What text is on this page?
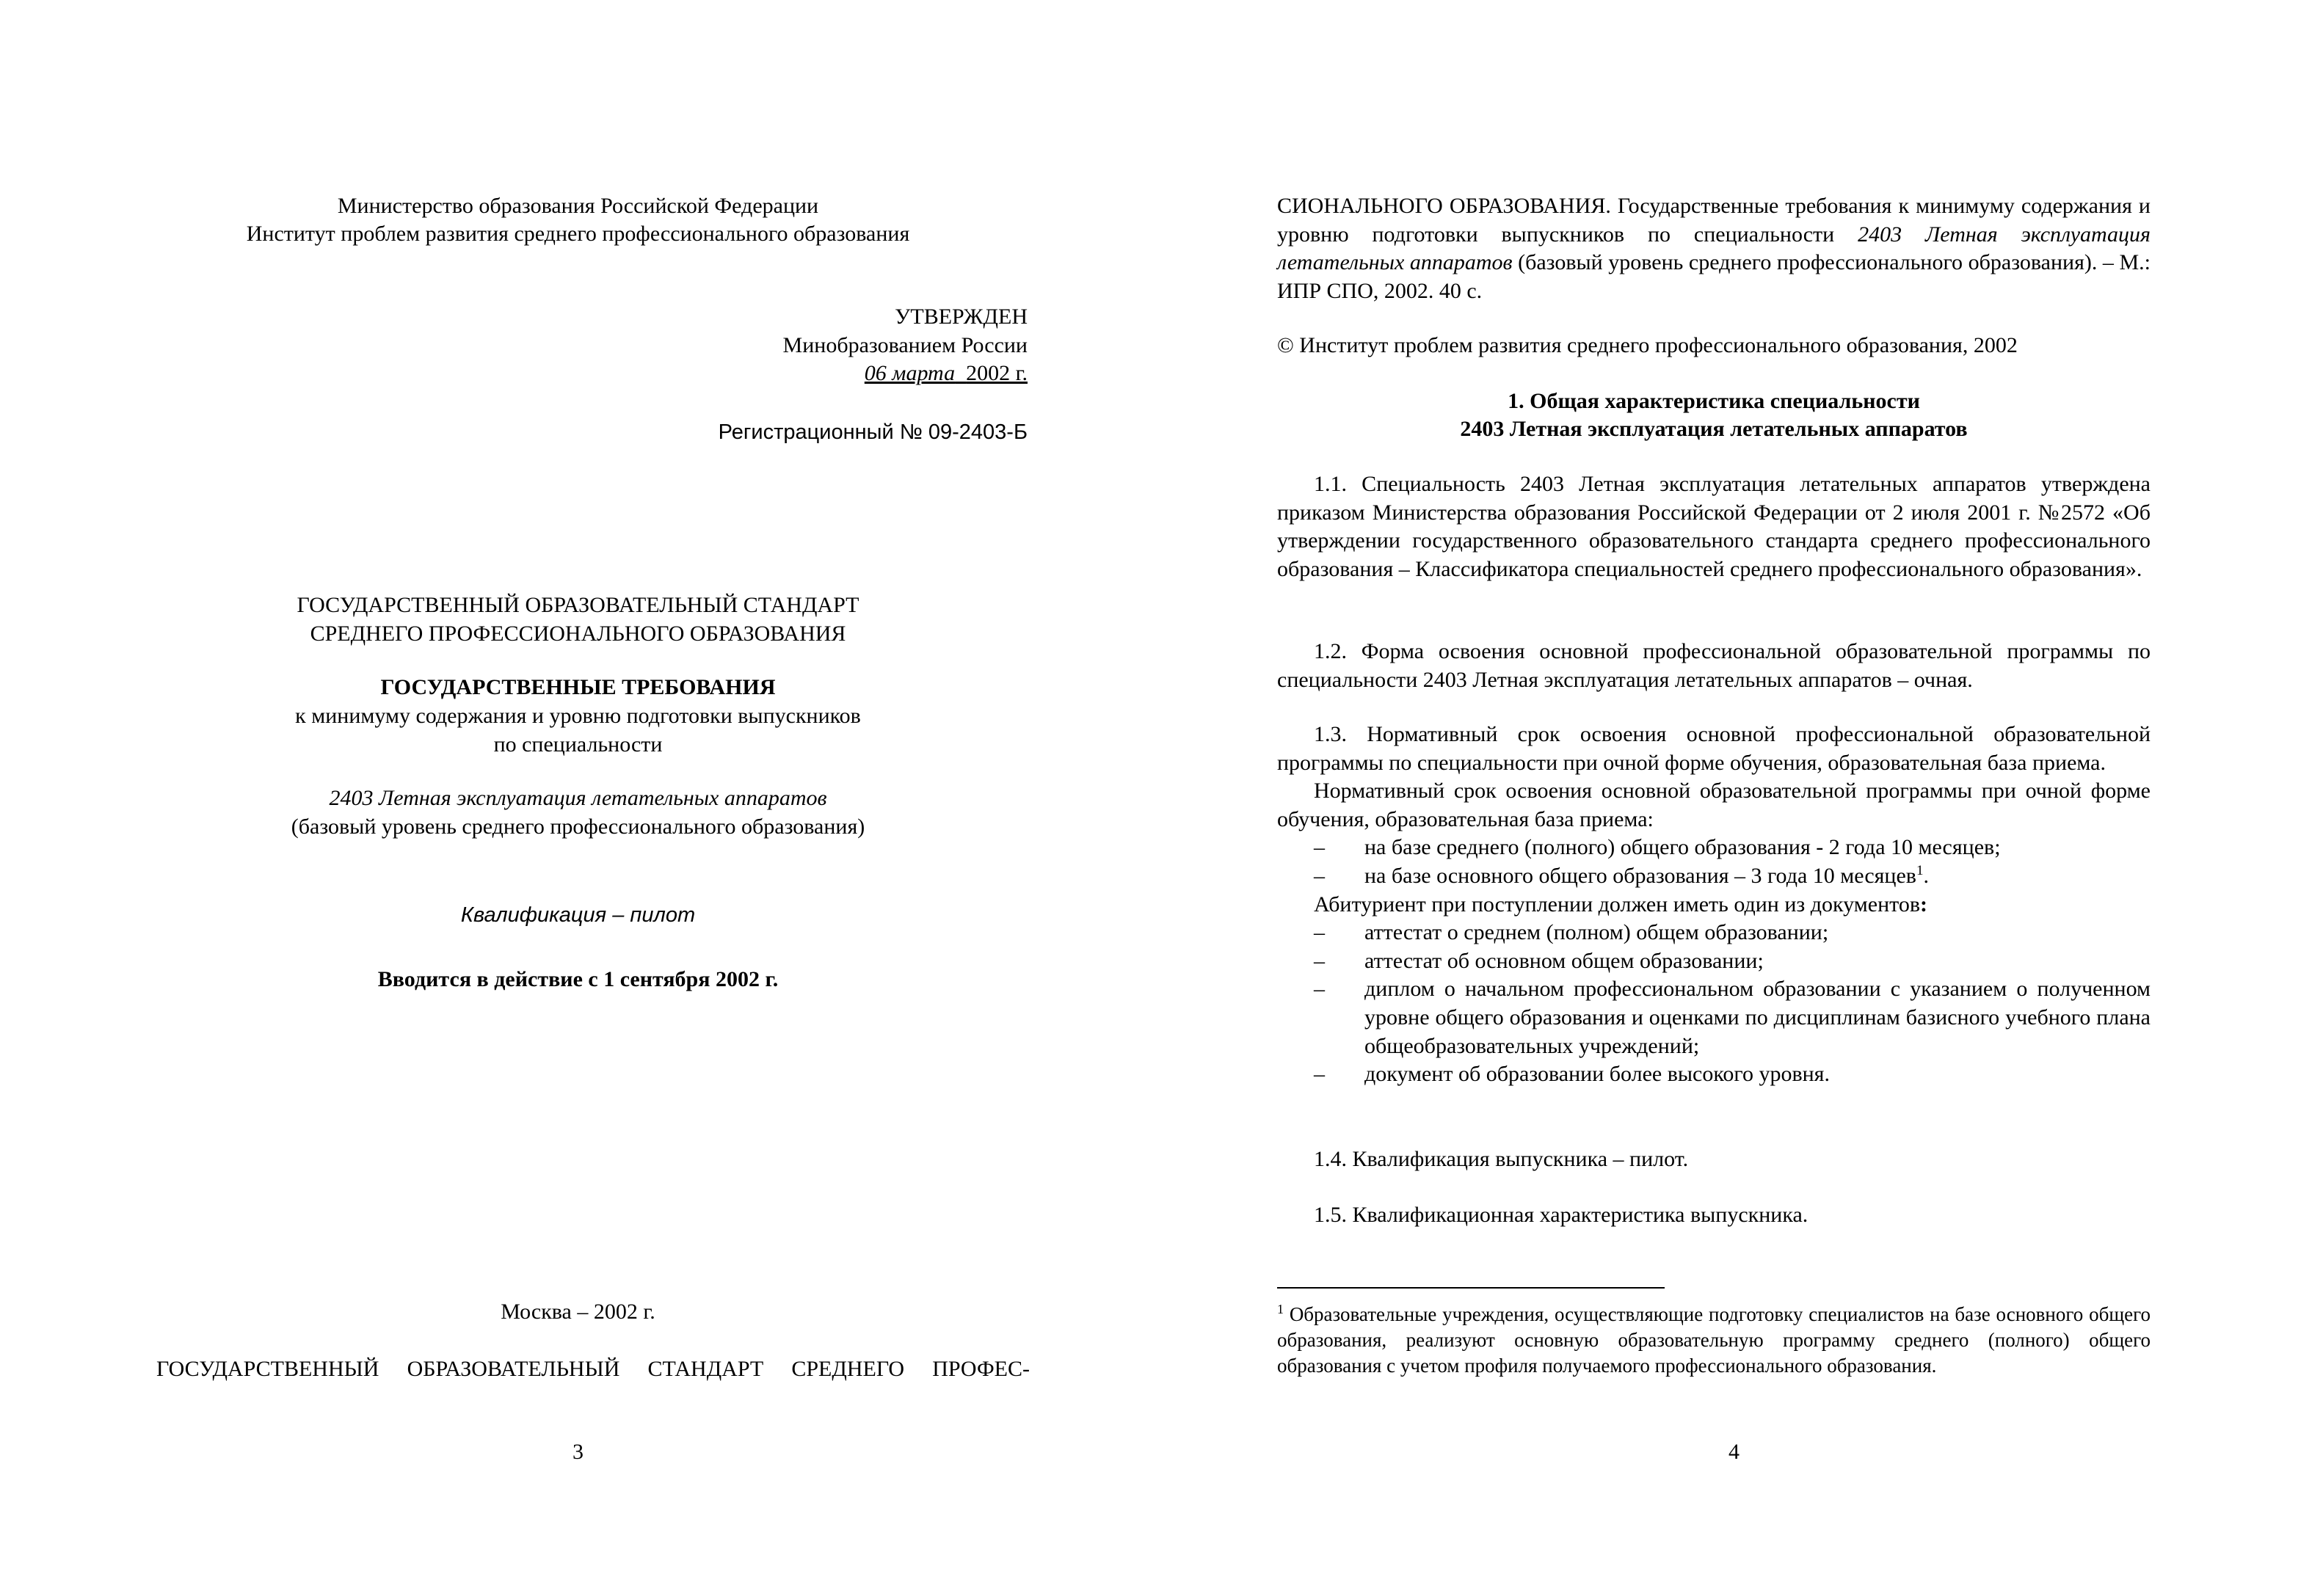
Министерство образования Российской Федерации
Институт проблем развития среднего профессионального образования
УТВЕРЖДЕН
Минобразованием России
06 марта 2002 г.
Регистрационный № 09-2403-Б
ГОСУДАРСТВЕННЫЙ ОБРАЗОВАТЕЛЬНЫЙ СТАНДАРТ
СРЕДНЕГО ПРОФЕССИОНАЛЬНОГО ОБРАЗОВАНИЯ
ГОСУДАРСТВЕННЫЕ ТРЕБОВАНИЯ
к минимуму содержания и уровню подготовки выпускников
по специальности
2403 Летная эксплуатация летательных аппаратов
(базовый уровень среднего профессионального образования)
Квалификация – пилот
Вводится в действие с 1 сентября 2002 г.
Москва – 2002 г.
ГОСУДАРСТВЕННЫЙ ОБРАЗОВАТЕЛЬНЫЙ СТАНДАРТ СРЕДНЕГО ПРОФЕС-
3

СИОНАЛЬНОГО ОБРАЗОВАНИЯ. Государственные требования к минимуму содержания и уровню подготовки выпускников по специальности 2403 Летная эксплуатация летательных аппаратов (базовый уровень среднего профессионального образования). – М.: ИПР СПО, 2002. 40 с.

© Институт проблем развития среднего профессионального образования, 2002

1. Общая характеристика специальности
2403 Летная эксплуатация летательных аппаратов

1.1. Специальность 2403 Летная эксплуатация летательных аппаратов утверждена приказом Министерства образования Российской Федерации от 2 июля 2001 г. №2572 «Об утверждении государственного образовательного стандарта среднего профессионального образования – Классификатора специальностей среднего профессионального образования».

1.2. Форма освоения основной профессиональной образовательной программы по специальности 2403 Летная эксплуатация летательных аппаратов – очная.

1.3. Нормативный срок освоения основной профессиональной образовательной программы по специальности при очной форме обучения, образовательная база приема.

Нормативный срок освоения основной образовательной программы при очной форме обучения, образовательная база приема:

– на базе среднего (полного) общего образования - 2 года 10 месяцев;

– на базе основного общего образования – 3 года 10 месяцев$^1$.

Абитуриент при поступлении должен иметь один из документов:

– аттестат о среднем (полном) общем образовании;

– аттестат об основном общем образовании;

– диплом о начальном профессиональном образовании с указанием о полученном уровне общего образования и оценками по дисциплинам базисного учебного плана общеобразовательных учреждений;

– документ об образовании более высокого уровня.

1.4. Квалификация выпускника – пилот.

1.5. Квалификационная характеристика выпускника.

$^1$ Образовательные учреждения, осуществляющие подготовку специалистов на базе основного общего образования, реализуют основную образовательную программу среднего (полного) общего образования с учетом профиля получаемого профессионального образования.
4
